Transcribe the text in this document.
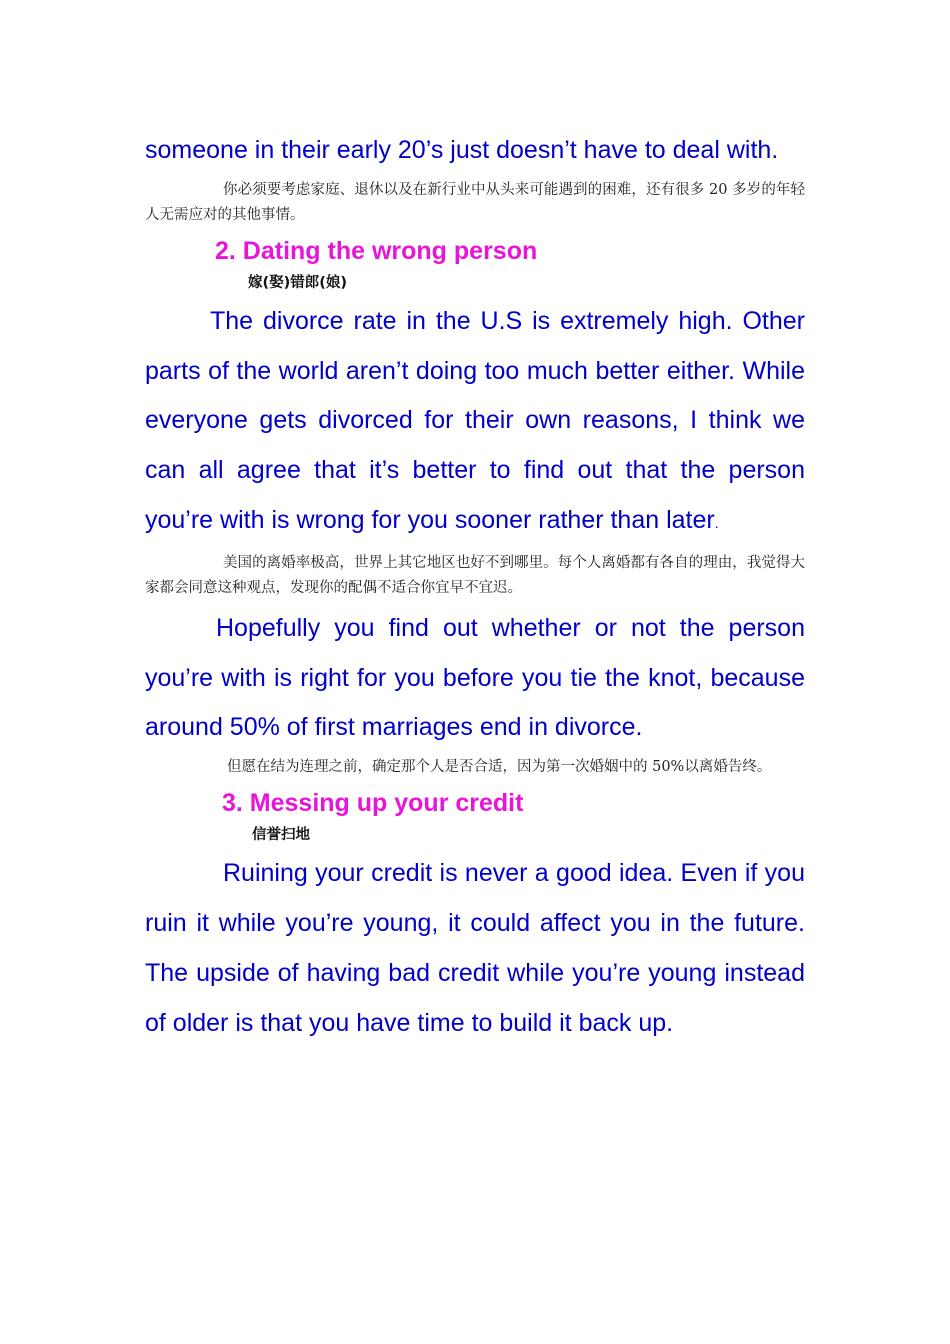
someone in their early 20’s just doesn’t have to deal with.

你必须要考虑家庭、退休以及在新行业中从头来可能遇到的困难，还有很多 20 多岁的年轻人无需应对的其他事情。

2. Dating the wrong person
嫁(娶)错郎(娘)

The divorce rate in the U.S is extremely high. Other parts of the world aren’t doing too much better either. While everyone gets divorced for their own reasons, I think we can all agree that it’s better to find out that the person you’re with is wrong for you sooner rather than later.

美国的离婚率极高，世界上其它地区也好不到哪里。每个人离婚都有各自的理由，我觉得大家都会同意这种观点，发现你的配偶不适合你宜早不宜迟。

Hopefully you find out whether or not the person you’re with is right for you before you tie the knot, because around 50% of first marriages end in divorce.

但愿在结为连理之前，确定那个人是否合适，因为第一次婚姻中的 50%以离婚告终。

3. Messing up your credit
信誉扫地

Ruining your credit is never a good idea. Even if you ruin it while you’re young, it could affect you in the future. The upside of having bad credit while you’re young instead of older is that you have time to build it back up.
